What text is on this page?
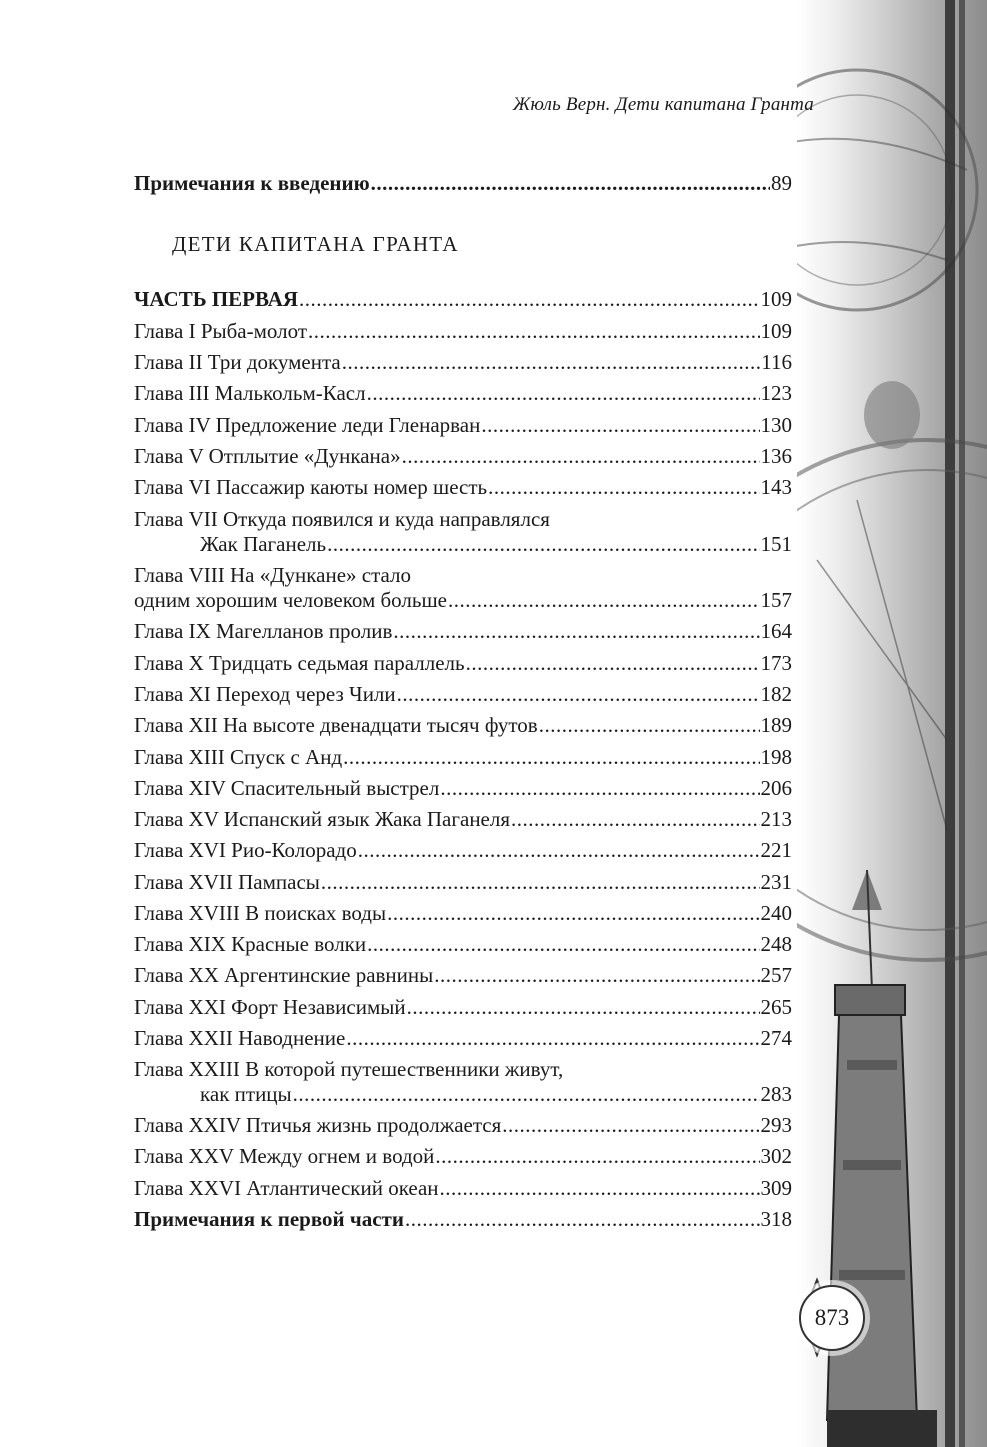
Жюль Верн. Дети капитана Гранта
Примечания к введению .....	89
ДЕТИ КАПИТАНА ГРАНТА
ЧАСТЬ ПЕРВАЯ .....	109
Глава I Рыба-молот .....	109
Глава II Три документа .....	116
Глава III Малькольм-Касл .....	123
Глава IV Предложение леди Гленарван .....	130
Глава V Отплытие «Дункана» .....	136
Глава VI Пассажир каюты номер шесть .....	143
Глава VII Откуда появился и куда направлялся
Жак Паганель .....	151
Глава VIII На «Дункане» стало
одним хорошим человеком больше .....	157
Глава IX Магелланов пролив .....	164
Глава X Тридцать седьмая параллель .....	173
Глава XI Переход через Чили .....	182
Глава XII На высоте двенадцати тысяч футов .....	189
Глава XIII Спуск с Анд .....	198
Глава XIV Спасительный выстрел .....	206
Глава XV Испанский язык Жака Паганеля .....	213
Глава XVI Рио-Колорадо .....	221
Глава XVII Пампасы .....	231
Глава XVIII В поисках воды .....	240
Глава XIX Красные волки .....	248
Глава XX Аргентинские равнины .....	257
Глава XXI Форт Независимый .....	265
Глава XXII Наводнение .....	274
Глава XXIII В которой путешественники живут,
как птицы .....	283
Глава XXIV Птичья жизнь продолжается .....	293
Глава XXV Между огнем и водой .....	302
Глава XXVI Атлантический океан .....	309
Примечания к первой части .....	318
873
